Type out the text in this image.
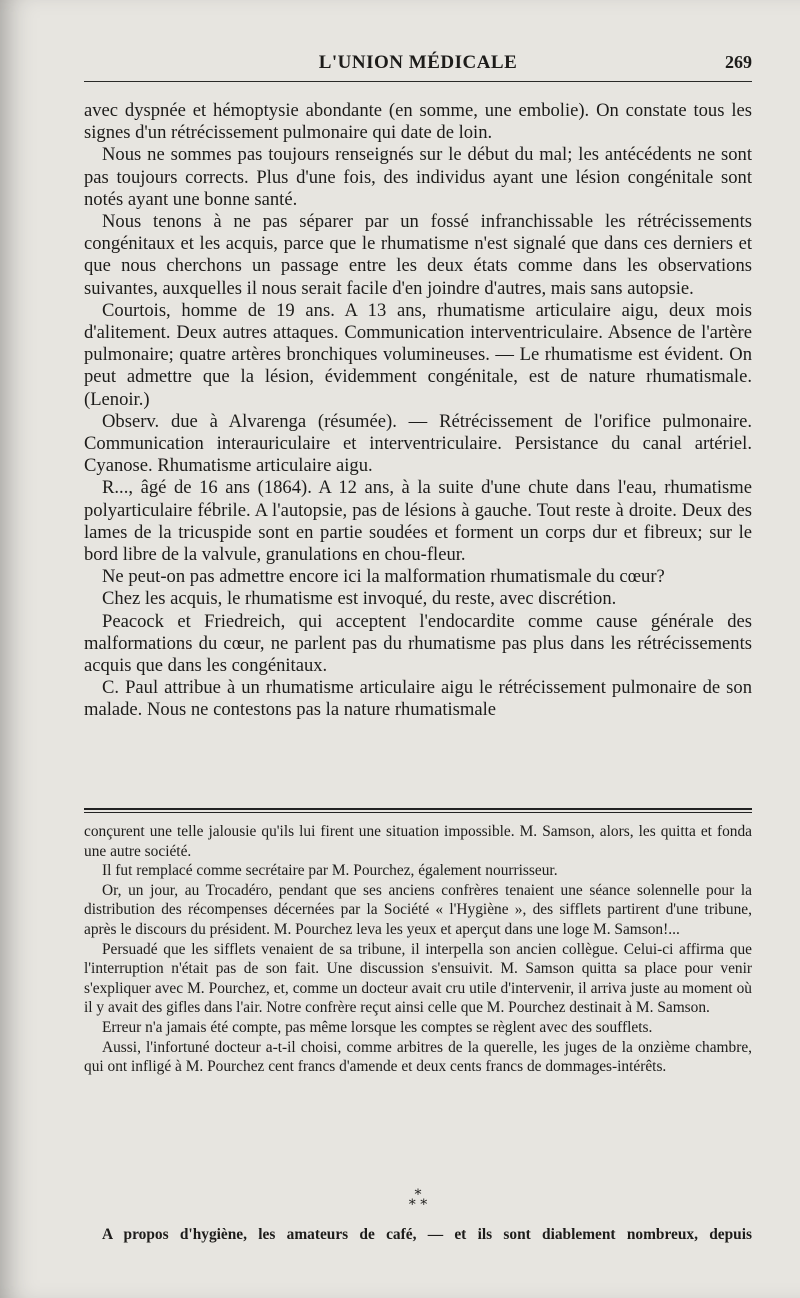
L'UNION MÉDICALE	269

avec dyspnée et hémoptysie abondante (en somme, une embolie). On constate tous les signes d'un rétrécissement pulmonaire qui date de loin.

Nous ne sommes pas toujours renseignés sur le début du mal; les antécédents ne sont pas toujours corrects. Plus d'une fois, des individus ayant une lésion congénitale sont notés ayant une bonne santé.

Nous tenons à ne pas séparer par un fossé infranchissable les rétrécissements congénitaux et les acquis, parce que le rhumatisme n'est signalé que dans ces derniers et que nous cherchons un passage entre les deux états comme dans les observations suivantes, auxquelles il nous serait facile d'en joindre d'autres, mais sans autopsie.

Courtois, homme de 19 ans. A 13 ans, rhumatisme articulaire aigu, deux mois d'alitement. Deux autres attaques. Communication interventriculaire. Absence de l'artère pulmonaire; quatre artères bronchiques volumineuses. — Le rhumatisme est évident. On peut admettre que la lésion, évidemment congénitale, est de nature rhumatismale. (Lenoir.)

Observ. due à Alvarenga (résumée). — Rétrécissement de l'orifice pulmonaire. Communication interauriculaire et interventriculaire. Persistance du canal artériel. Cyanose. Rhumatisme articulaire aigu.

R..., âgé de 16 ans (1864). A 12 ans, à la suite d'une chute dans l'eau, rhumatisme polyarticulaire fébrile. A l'autopsie, pas de lésions à gauche. Tout reste à droite. Deux des lames de la tricuspide sont en partie soudées et forment un corps dur et fibreux; sur le bord libre de la valvule, granulations en chou-fleur.

Ne peut-on pas admettre encore ici la malformation rhumatismale du cœur?

Chez les acquis, le rhumatisme est invoqué, du reste, avec discrétion.

Peacock et Friedreich, qui acceptent l'endocardite comme cause générale des malformations du cœur, ne parlent pas du rhumatisme pas plus dans les rétrécissements acquis que dans les congénitaux.

C. Paul attribue à un rhumatisme articulaire aigu le rétrécissement pulmonaire de son malade. Nous ne contestons pas la nature rhumatismale

conçurent une telle jalousie qu'ils lui firent une situation impossible. M. Samson, alors, les quitta et fonda une autre société.

Il fut remplacé comme secrétaire par M. Pourchez, également nourrisseur.

Or, un jour, au Trocadéro, pendant que ses anciens confrères tenaient une séance solennelle pour la distribution des récompenses décernées par la Société « l'Hygiène », des sifflets partirent d'une tribune, après le discours du président. M. Pourchez leva les yeux et aperçut dans une loge M. Samson!...

Persuadé que les sifflets venaient de sa tribune, il interpella son ancien collègue. Celui-ci affirma que l'interruption n'était pas de son fait. Une discussion s'ensuivit. M. Samson quitta sa place pour venir s'expliquer avec M. Pourchez, et, comme un docteur avait cru utile d'intervenir, il arriva juste au moment où il y avait des gifles dans l'air. Notre confrère reçut ainsi celle que M. Pourchez destinait à M. Samson.

Erreur n'a jamais été compte, pas même lorsque les comptes se règlent avec des soufflets.

Aussi, l'infortuné docteur a-t-il choisi, comme arbitres de la querelle, les juges de la onzième chambre, qui ont infligé à M. Pourchez cent francs d'amende et deux cents francs de dommages-intérêts.

*
* *
A propos d'hygiène, les amateurs de café, — et ils sont diablement nombreux, depuis
